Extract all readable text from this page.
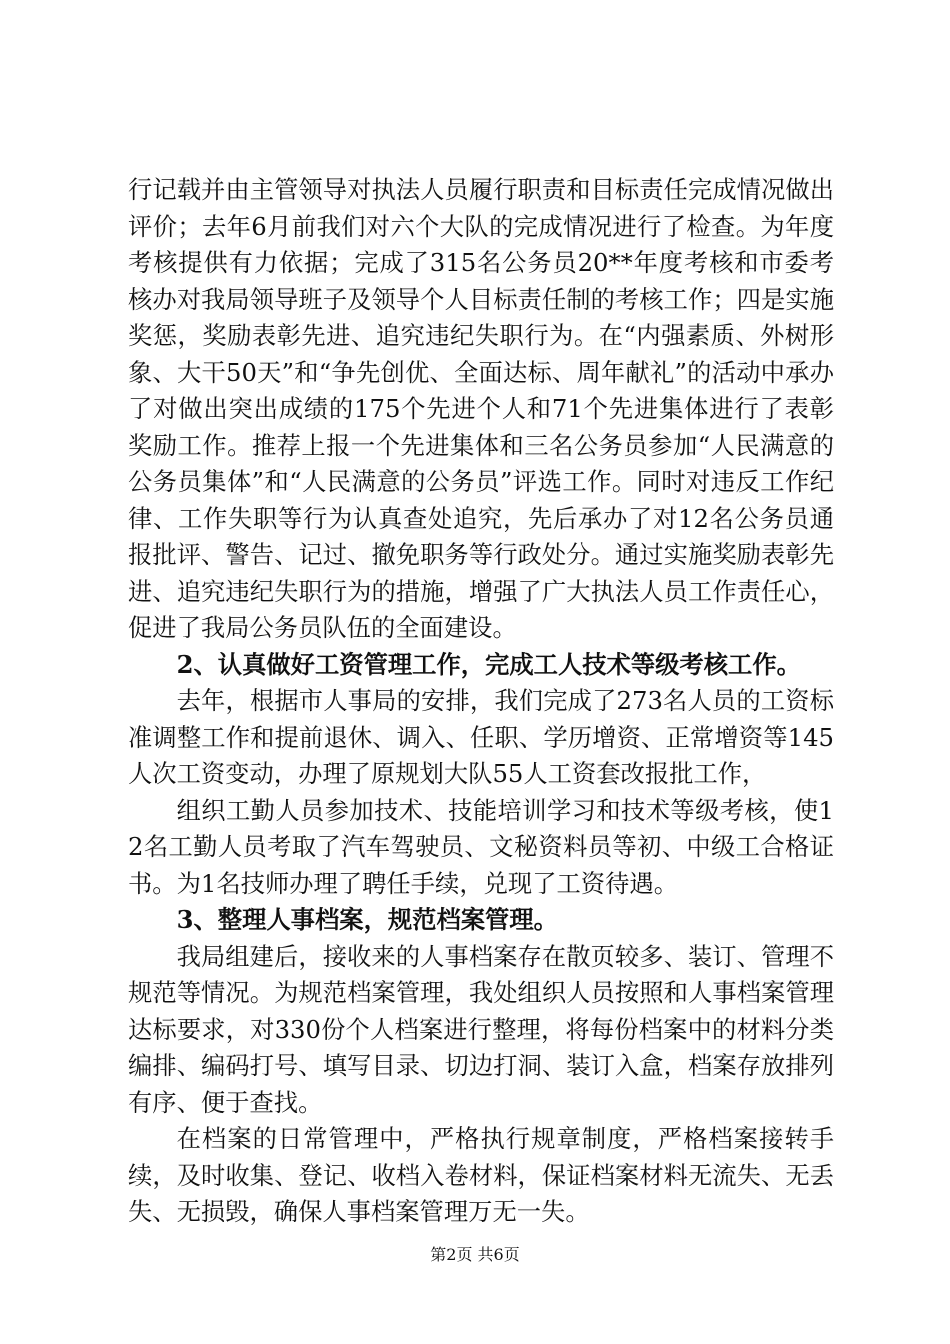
行记载并由主管领导对执法人员履行职责和目标责任完成情况做出评价；去年6月前我们对六个大队的完成情况进行了检查。为年度考核提供有力依据；完成了315名公务员20**年度考核和市委考核办对我局领导班子及领导个人目标责任制的考核工作；四是实施奖惩，奖励表彰先进、追究违纪失职行为。在“内强素质、外树形象、大干50天”和“争先创优、全面达标、周年献礼”的活动中承办了对做出突出成绩的175个先进个人和71个先进集体进行了表彰奖励工作。推荐上报一个先进集体和三名公务员参加“人民满意的公务员集体”和“人民满意的公务员”评选工作。同时对违反工作纪律、工作失职等行为认真查处追究，先后承办了对12名公务员通报批评、警告、记过、撤免职务等行政处分。通过实施奖励表彰先进、追究违纪失职行为的措施，增强了广大执法人员工作责任心，促进了我局公务员队伍的全面建设。

2、认真做好工资管理工作，完成工人技术等级考核工作。

去年，根据市人事局的安排，我们完成了273名人员的工资标准调整工作和提前退休、调入、任职、学历增资、正常增资等145人次工资变动，办理了原规划大队55人工资套改报批工作，

组织工勤人员参加技术、技能培训学习和技术等级考核，使12名工勤人员考取了汽车驾驶员、文秘资料员等初、中级工合格证书。为1名技师办理了聘任手续，兑现了工资待遇。

3、整理人事档案，规范档案管理。

我局组建后，接收来的人事档案存在散页较多、装订、管理不规范等情况。为规范档案管理，我处组织人员按照和人事档案管理达标要求，对330份个人档案进行整理，将每份档案中的材料分类编排、编码打号、填写目录、切边打洞、装订入盒，档案存放排列有序、便于查找。

在档案的日常管理中，严格执行规章制度，严格档案接转手续，及时收集、登记、收档入卷材料，保证档案材料无流失、无丢失、无损毁，确保人事档案管理万无一失。

第2页 共6页
